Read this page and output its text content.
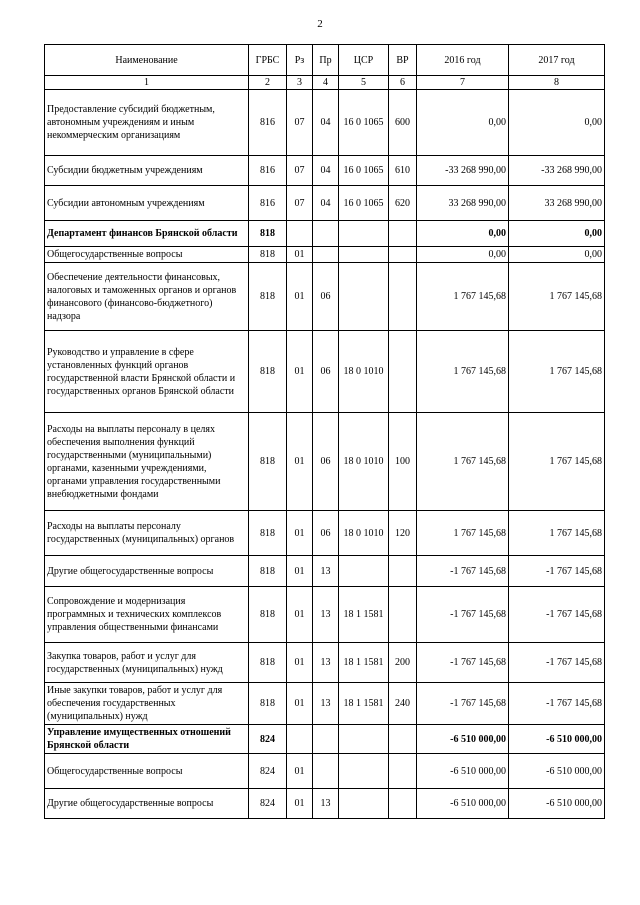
2
Наименование	ГРБС	Рз	Пр	ЦСР	ВР	2016 год	2017 год
1	2	3	4	5	6	7	8
Предоставление субсидий бюджетным, автономным учреждениям и иным некоммерческим организациям	816	07	04	16 0 1065	600	0,00	0,00
Субсидии бюджетным учреждениям	816	07	04	16 0 1065	610	-33 268 990,00	-33 268 990,00
Субсидии автономным учреждениям	816	07	04	16 0 1065	620	33 268 990,00	33 268 990,00
Департамент финансов Брянской области	818					0,00	0,00
Общегосударственные вопросы	818	01				0,00	0,00
Обеспечение деятельности финансовых, налоговых и таможенных органов и органов финансового (финансово-бюджетного) надзора	818	01	06			1 767 145,68	1 767 145,68
Руководство и управление в сфере установленных функций органов государственной власти Брянской области и государственных органов Брянской области	818	01	06	18 0 1010		1 767 145,68	1 767 145,68
Расходы на выплаты персоналу в целях обеспечения выполнения функций государственными (муниципальными) органами, казенными учреждениями, органами управления государственными внебюджетными фондами	818	01	06	18 0 1010	100	1 767 145,68	1 767 145,68
Расходы на выплаты персоналу государственных (муниципальных) органов	818	01	06	18 0 1010	120	1 767 145,68	1 767 145,68
Другие общегосударственные вопросы	818	01	13			-1 767 145,68	-1 767 145,68
Сопровождение и модернизация программных и технических комплексов управления общественными финансами	818	01	13	18 1 1581		-1 767 145,68	-1 767 145,68
Закупка товаров, работ и услуг для государственных (муниципальных) нужд	818	01	13	18 1 1581	200	-1 767 145,68	-1 767 145,68
Иные закупки товаров, работ и услуг для обеспечения государственных (муниципальных) нужд	818	01	13	18 1 1581	240	-1 767 145,68	-1 767 145,68
Управление имущественных отношений Брянской области	824					-6 510 000,00	-6 510 000,00
Общегосударственные вопросы	824	01				-6 510 000,00	-6 510 000,00
Другие общегосударственные вопросы	824	01	13			-6 510 000,00	-6 510 000,00
